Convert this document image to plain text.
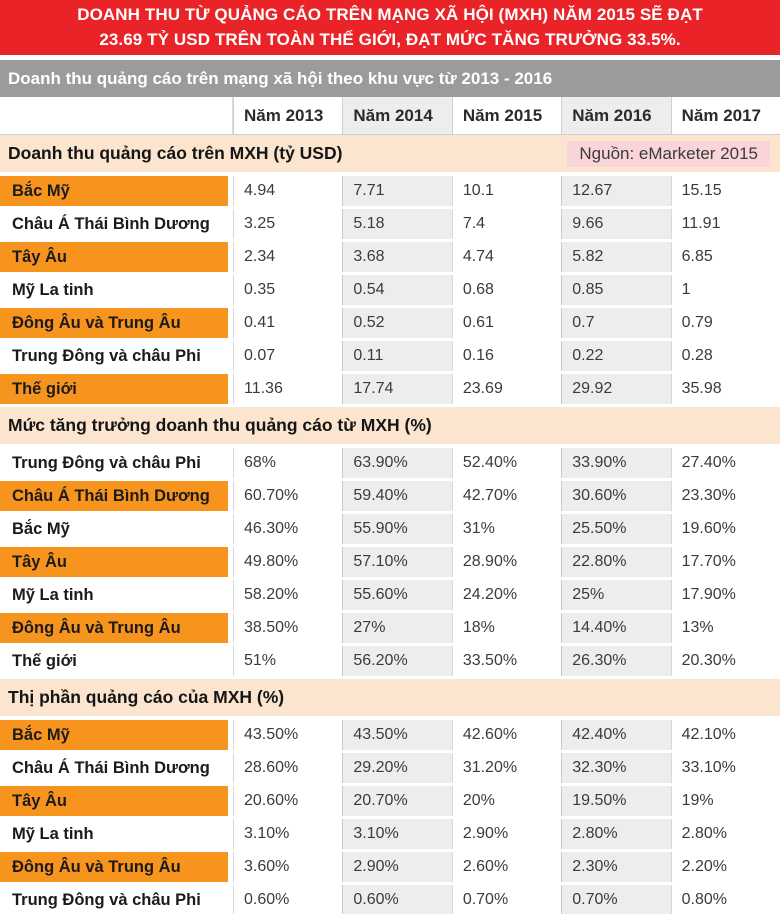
DOANH THU TỪ QUẢNG CÁO TRÊN MẠNG XÃ HỘI (MXH) NĂM 2015 SẼ ĐẠT
23.69 TỶ USD TRÊN TOÀN THẾ GIỚI, ĐẠT MỨC TĂNG TRƯỞNG 33.5%.
Doanh thu quảng cáo trên mạng xã hội theo khu vực từ 2013 - 2016
Năm 2013	Năm 2014	Năm 2015	Năm 2016	Năm 2017
Doanh thu quảng cáo trên MXH (tỷ USD)	Nguồn: eMarketer 2015
Bắc Mỹ	4.94	7.71	10.1	12.67	15.15
Châu Á Thái Bình Dương	3.25	5.18	7.4	9.66	11.91
Tây Âu	2.34	3.68	4.74	5.82	6.85
Mỹ La tinh	0.35	0.54	0.68	0.85	1
Đông Âu và Trung Âu	0.41	0.52	0.61	0.7	0.79
Trung Đông và châu Phi	0.07	0.11	0.16	0.22	0.28
Thế giới	11.36	17.74	23.69	29.92	35.98
Mức tăng trưởng doanh thu quảng cáo từ MXH (%)
Trung Đông và châu Phi	68%	63.90%	52.40%	33.90%	27.40%
Châu Á Thái Bình Dương	60.70%	59.40%	42.70%	30.60%	23.30%
Bắc Mỹ	46.30%	55.90%	31%	25.50%	19.60%
Tây Âu	49.80%	57.10%	28.90%	22.80%	17.70%
Mỹ La tinh	58.20%	55.60%	24.20%	25%	17.90%
Đông Âu và Trung Âu	38.50%	27%	18%	14.40%	13%
Thế giới	51%	56.20%	33.50%	26.30%	20.30%
Thị phần quảng cáo của MXH (%)
Bắc Mỹ	43.50%	43.50%	42.60%	42.40%	42.10%
Châu Á Thái Bình Dương	28.60%	29.20%	31.20%	32.30%	33.10%
Tây Âu	20.60%	20.70%	20%	19.50%	19%
Mỹ La tinh	3.10%	3.10%	2.90%	2.80%	2.80%
Đông Âu và Trung Âu	3.60%	2.90%	2.60%	2.30%	2.20%
Trung Đông và châu Phi	0.60%	0.60%	0.70%	0.70%	0.80%
